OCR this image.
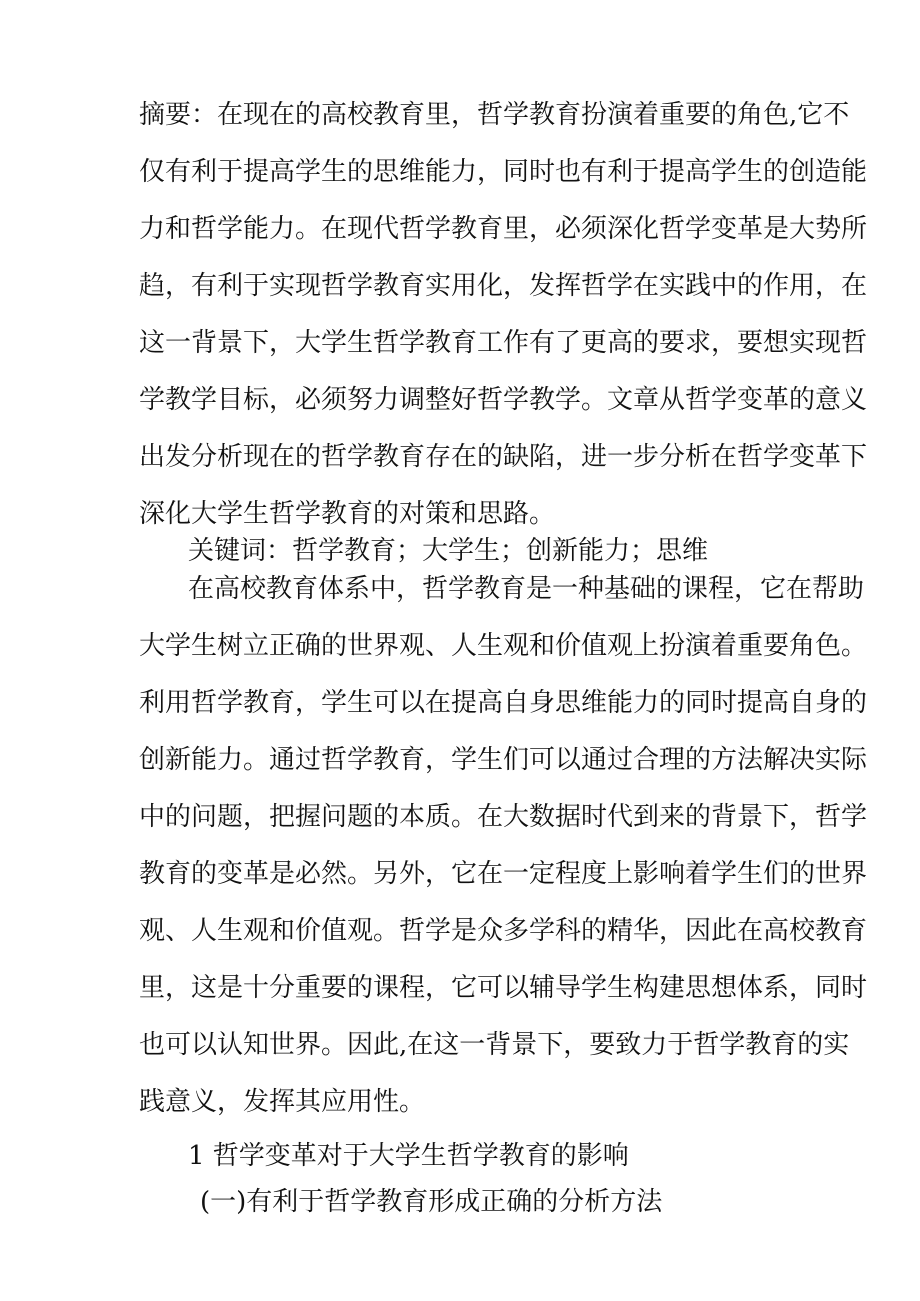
摘要：在现在的高校教育里，哲学教育扮演着重要的角色,它不
仅有利于提高学生的思维能力，同时也有利于提高学生的创造能
力和哲学能力。在现代哲学教育里，必须深化哲学变革是大势所
趋，有利于实现哲学教育实用化，发挥哲学在实践中的作用，在
这一背景下，大学生哲学教育工作有了更高的要求，要想实现哲
学教学目标，必须努力调整好哲学教学。文章从哲学变革的意义
出发分析现在的哲学教育存在的缺陷，进一步分析在哲学变革下
深化大学生哲学教育的对策和思路。
关键词：哲学教育；大学生；创新能力；思维
在高校教育体系中，哲学教育是一种基础的课程，它在帮助
大学生树立正确的世界观、人生观和价值观上扮演着重要角色。
利用哲学教育，学生可以在提高自身思维能力的同时提高自身的
创新能力。通过哲学教育，学生们可以通过合理的方法解决实际
中的问题，把握问题的本质。在大数据时代到来的背景下，哲学
教育的变革是必然。另外，它在一定程度上影响着学生们的世界
观、人生观和价值观。哲学是众多学科的精华，因此在高校教育
里，这是十分重要的课程，它可以辅导学生构建思想体系，同时
也可以认知世界。因此,在这一背景下，要致力于哲学教育的实
践意义，发挥其应用性。
1 哲学变革对于大学生哲学教育的影响
(一)有利于哲学教育形成正确的分析方法
